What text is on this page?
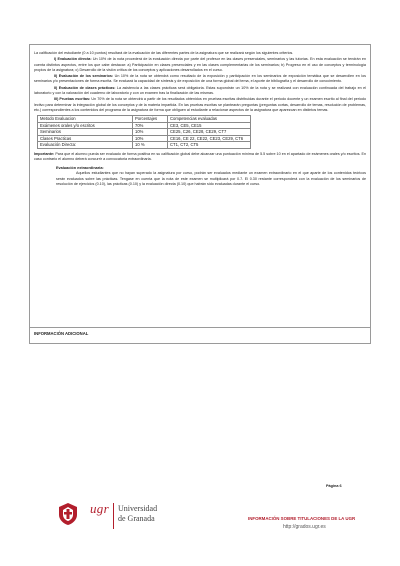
La calificación del estudiante (0 a 10 puntos) resultará de la evaluación de las diferentes partes de la asignatura que se realizará según los siguientes criterios.

I) Evaluación directa: Un 10% de la nota procederá de la evaluación directa por parte del profesor en las clases presenciales, seminarios y las tutorías. En esta evaluación se tendrán en cuenta distintos aspectos, entre los que cabe destacar: a) Participación en clases presenciales y en las clases complementarias de los seminarios; b) Progreso en el uso de conceptos y terminología propios de la asignatura; c) Desarrollo de la visión crítica de los conceptos y aplicaciones desarrollados en el curso.

II) Evaluación de los seminarios: Un 10% de la nota se obtendrá como resultado de la exposición y participación en los seminarios de exposición temática que se desarrollen en los seminarios y/o presentaciones de forma escrita. Se evaluará la capacidad de síntesis y de exposición de una forma global del tema, el aporte de bibliografía y el desarrollo de conocimiento.

II) Evaluación de clases prácticas: La asistencia a las clases prácticas será obligatoria. Estas supondrán un 10% de la nota y se realizará con evaluación continuada del trabajo en el laboratorio y con la valoración del cuaderno de laboratorio y con un examen tras la finalización de las mismas.

III) Pruebas escritas: Un 70% de la nota se obtendrá a partir de los resultados obtenidos en pruebas escritas distribuidas durante el periodo docente y un examen escrito al final del periodo lectivo para determinar la integración global de los conceptos y de la materia impartida. En las pruebas escritas se plantearán preguntas (preguntas cortas, desarrollo de temas, resolución de problemas, etc.) correspondientes a los contenidos del programa de la asignatura de forma que obliguen al estudiante a relacionar aspectos de la asignatura que aparezcan en distintos temas.

Metodo Evaluacion	Porcentajes	Competencias evaluadas
Exámenes orales y/o escritos	70%	CE3, CE5, CE15
Seminarios	10%	CE25, C26, CE28, CE29, CT7
Clases Practicas	10%	CE16, CE 22, CE22, CE23, CE29, CT6
Evaluación Directa:	10 %	CT1, CT2, CT5

Importante: Para que el alumno pueda ser evaluado de forma positiva en su calificación global debe alcanzar una puntuación mínima de 5.5 sobre 10 en el apartado de exámenes orales y/o escritos. En caso contrario el alumno deberá concurrir a convocatoria extraordinaria.

Evaluación extraordinaria:

Aquellos estudiantes que no hayan superado la asignatura por curso, podrán ser evaluados mediante un examen extraordinario en el que aparte de los contenidos teóricos serán evaluados sobre las prácticas. Tengase en cuenta que la nota de este examen se multiplicará por 0.7. El 0.30 restante corresponderá con la evaluación de los seminarios de resolución de ejercicios (0.10), las prácticas (0.10) y la evaluación directa (0.10) que habrán sido evaluadas durante el curso.

INFORMACIÓN ADICIONAL
Página 6
ugr Universidad
de Granada	INFORMACIÓN SOBRE TITULACIONES DE LA UGR
http://grados.ugr.es
